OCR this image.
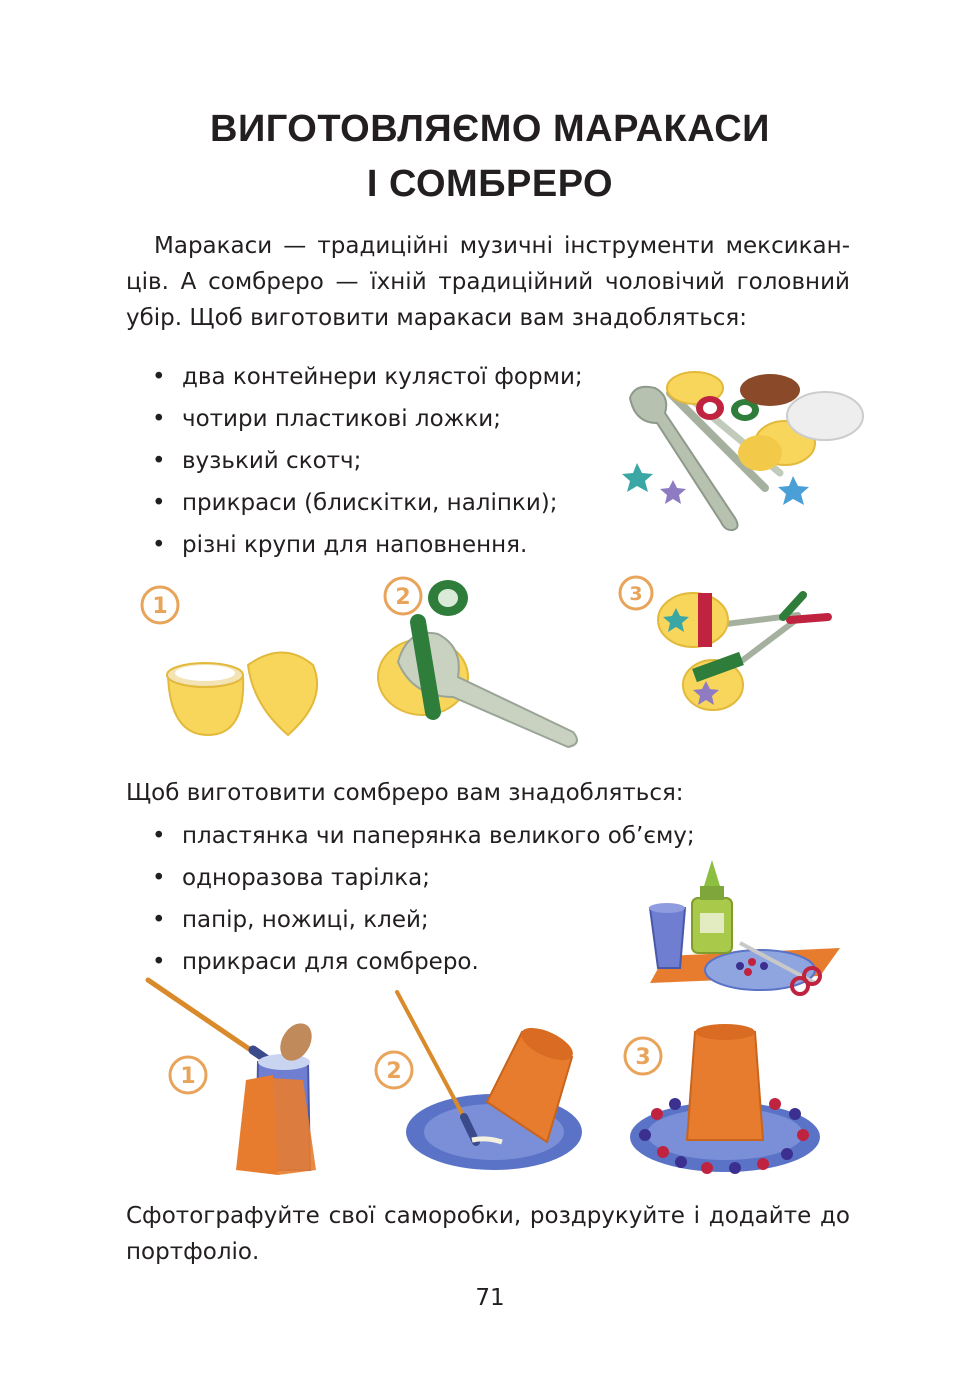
ВИГОТОВЛЯЄМО МАРАКАСИ
І СОМБРЕРО

Маракаси — традиційні музичні інструменти мексикан-ців. А сомбреро — їхній традиційний чоловічий головний убір. Щоб виготовити маракаси вам знадобляться:

• два контейнери кулястої форми;
• чотири пластикові ложки;
• вузький скотч;
• прикраси (блискітки, наліпки);
• різні крупи для наповнення.
1	2	3
Щоб виготовити сомбреро вам знадобляться:
• пластянка чи паперянка великого об’єму;
• одноразова тарілка;
• папір, ножиці, клей;
• прикраси для сомбреро.
1	2
3

Сфотографуйте свої саморобки, роздрукуйте і додайте до портфоліо.

71
